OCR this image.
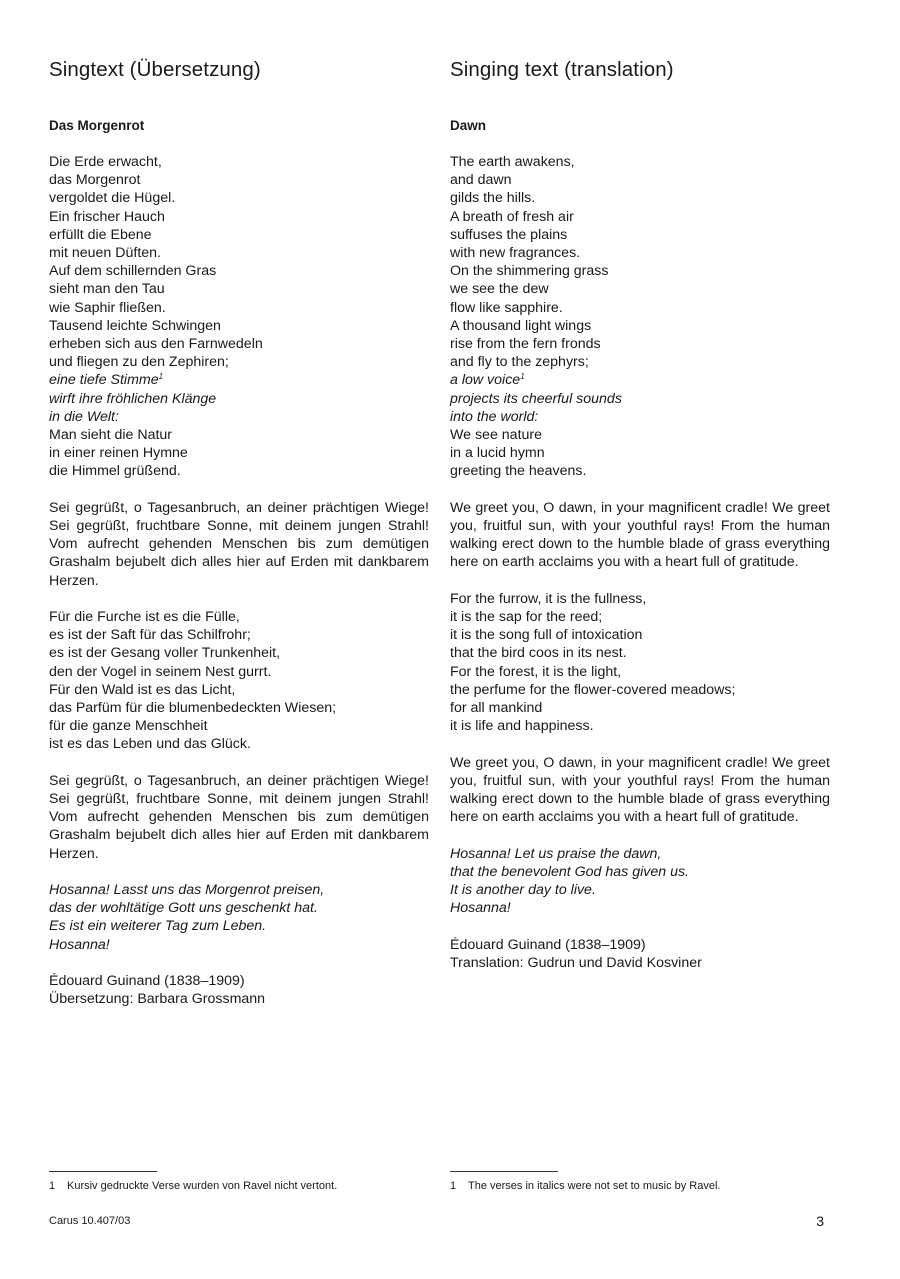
Singtext (Übersetzung)
Das Morgenrot
Die Erde erwacht,
das Morgenrot
vergoldet die Hügel.
Ein frischer Hauch
erfüllt die Ebene
mit neuen Düften.
Auf dem schillernden Gras
sieht man den Tau
wie Saphir fließen.
Tausend leichte Schwingen
erheben sich aus den Farnwedeln
und fliegen zu den Zephiren;
eine tiefe Stimme$^1$
wirft ihre fröhlichen Klänge
in die Welt:
Man sieht die Natur
in einer reinen Hymne
die Himmel grüßend.
Sei gegrüßt, o Tagesanbruch, an deiner prächtigen Wiege! Sei gegrüßt, fruchtbare Sonne, mit deinem jungen Strahl! Vom aufrecht gehenden Menschen bis zum demütigen Grashalm bejubelt dich alles hier auf Erden mit dankbarem Herzen.
Für die Furche ist es die Fülle,
es ist der Saft für das Schilfrohr;
es ist der Gesang voller Trunkenheit,
den der Vogel in seinem Nest gurrt.
Für den Wald ist es das Licht,
das Parfüm für die blumenbedeckten Wiesen;
für die ganze Menschheit
ist es das Leben und das Glück.
Sei gegrüßt, o Tagesanbruch, an deiner prächtigen Wiege! Sei gegrüßt, fruchtbare Sonne, mit deinem jungen Strahl! Vom aufrecht gehenden Menschen bis zum demütigen Grashalm bejubelt dich alles hier auf Erden mit dankbarem Herzen.
Hosanna! Lasst uns das Morgenrot preisen,
das der wohltätige Gott uns geschenkt hat.
Es ist ein weiterer Tag zum Leben.
Hosanna!
Édouard Guinand (1838–1909)
Übersetzung: Barbara Grossmann
Singing text (translation)
Dawn
The earth awakens,
and dawn
gilds the hills.
A breath of fresh air
suffuses the plains
with new fragrances.
On the shimmering grass
we see the dew
flow like sapphire.
A thousand light wings
rise from the fern fronds
and fly to the zephyrs;
a low voice$^1$
projects its cheerful sounds
into the world:
We see nature
in a lucid hymn
greeting the heavens.
We greet you, O dawn, in your magnificent cradle! We greet you, fruitful sun, with your youthful rays! From the human walking erect down to the humble blade of grass everything here on earth acclaims you with a heart full of gratitude.
For the furrow, it is the fullness,
it is the sap for the reed;
it is the song full of intoxication
that the bird coos in its nest.
For the forest, it is the light,
the perfume for the flower-covered meadows;
for all mankind
it is life and happiness.
We greet you, O dawn, in your magnificent cradle! We greet you, fruitful sun, with your youthful rays! From the human walking erect down to the humble blade of grass everything here on earth acclaims you with a heart full of gratitude.
Hosanna! Let us praise the dawn,
that the benevolent God has given us.
It is another day to live.
Hosanna!
Édouard Guinand (1838–1909)
Translation: Gudrun und David Kosviner
1 Kursiv gedruckte Verse wurden von Ravel nicht vertont.	1 The verses in italics were not set to music by Ravel.
Carus 10.407/03	3
